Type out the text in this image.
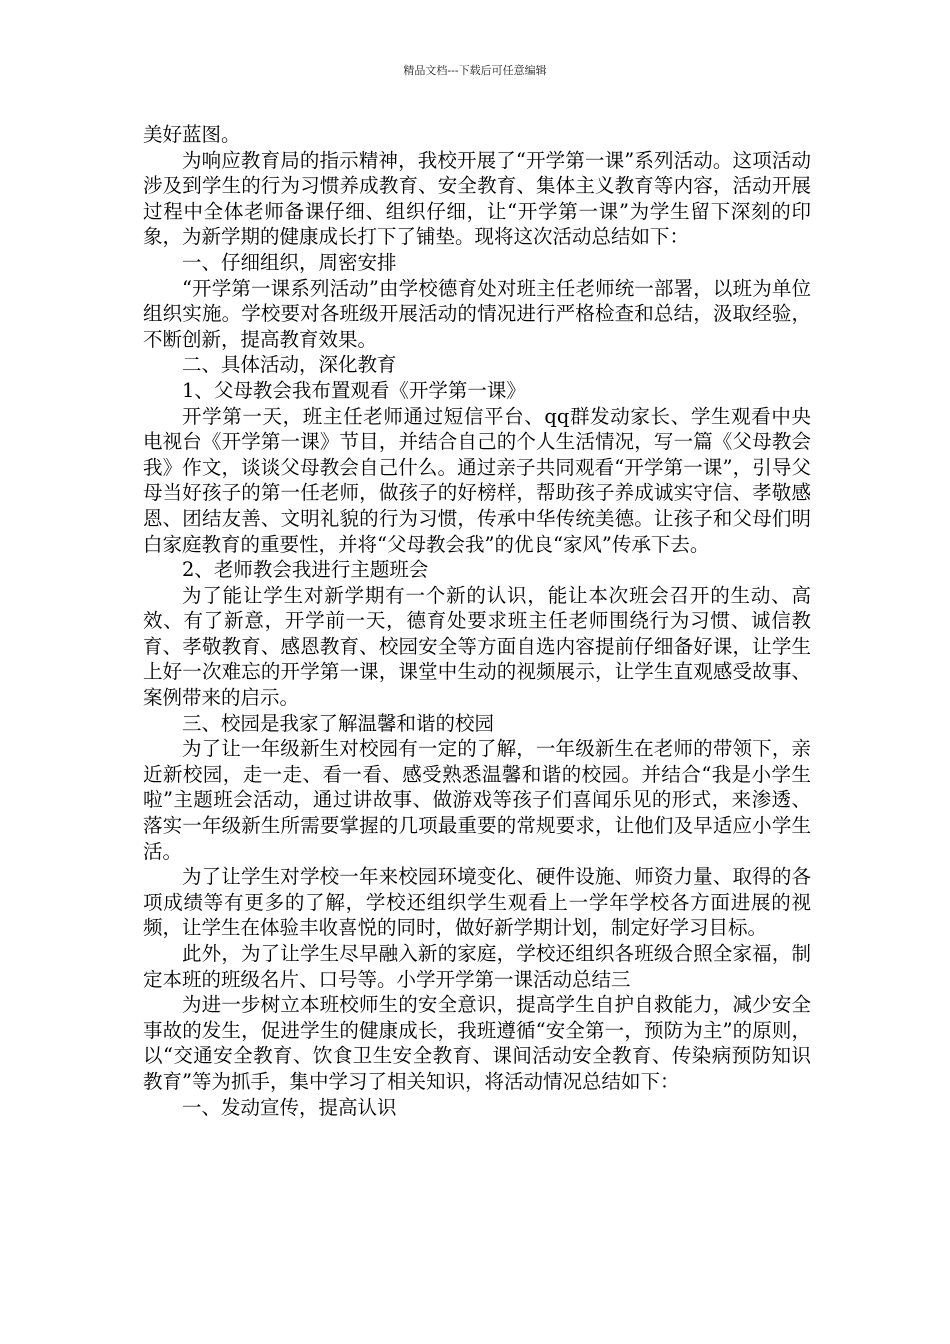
精品文档---下载后可任意编辑

美好蓝图。

为响应教育局的指示精神，我校开展了“开学第一课”系列活动。这项活动涉及到学生的行为习惯养成教育、安全教育、集体主义教育等内容，活动开展过程中全体老师备课仔细、组织仔细，让“开学第一课”为学生留下深刻的印象，为新学期的健康成长打下了铺垫。现将这次活动总结如下：

一、仔细组织，周密安排

“开学第一课系列活动”由学校德育处对班主任老师统一部署，以班为单位组织实施。学校要对各班级开展活动的情况进行严格检查和总结，汲取经验，不断创新，提高教育效果。

二、具体活动，深化教育

1、父母教会我布置观看《开学第一课》

开学第一天，班主任老师通过短信平台、qq群发动家长、学生观看中央电视台《开学第一课》节目，并结合自己的个人生活情况，写一篇《父母教会我》作文，谈谈父母教会自己什么。通过亲子共同观看“开学第一课”，引导父母当好孩子的第一任老师，做孩子的好榜样，帮助孩子养成诚实守信、孝敬感恩、团结友善、文明礼貌的行为习惯，传承中华传统美德。让孩子和父母们明白家庭教育的重要性，并将“父母教会我”的优良“家风”传承下去。

2、老师教会我进行主题班会

为了能让学生对新学期有一个新的认识，能让本次班会召开的生动、高效、有了新意，开学前一天，德育处要求班主任老师围绕行为习惯、诚信教育、孝敬教育、感恩教育、校园安全等方面自选内容提前仔细备好课，让学生上好一次难忘的开学第一课，课堂中生动的视频展示，让学生直观感受故事、案例带来的启示。

三、校园是我家了解温馨和谐的校园

为了让一年级新生对校园有一定的了解，一年级新生在老师的带领下，亲近新校园，走一走、看一看、感受熟悉温馨和谐的校园。并结合“我是小学生啦”主题班会活动，通过讲故事、做游戏等孩子们喜闻乐见的形式，来渗透、落实一年级新生所需要掌握的几项最重要的常规要求，让他们及早适应小学生活。

为了让学生对学校一年来校园环境变化、硬件设施、师资力量、取得的各项成绩等有更多的了解，学校还组织学生观看上一学年学校各方面进展的视频，让学生在体验丰收喜悦的同时，做好新学期计划，制定好学习目标。

此外，为了让学生尽早融入新的家庭，学校还组织各班级合照全家福，制定本班的班级名片、口号等。小学开学第一课活动总结三

为进一步树立本班校师生的安全意识，提高学生自护自救能力，减少安全事故的发生，促进学生的健康成长，我班遵循“安全第一，预防为主”的原则，以“交通安全教育、饮食卫生安全教育、课间活动安全教育、传染病预防知识教育”等为抓手，集中学习了相关知识，将活动情况总结如下：

一、发动宣传，提高认识
